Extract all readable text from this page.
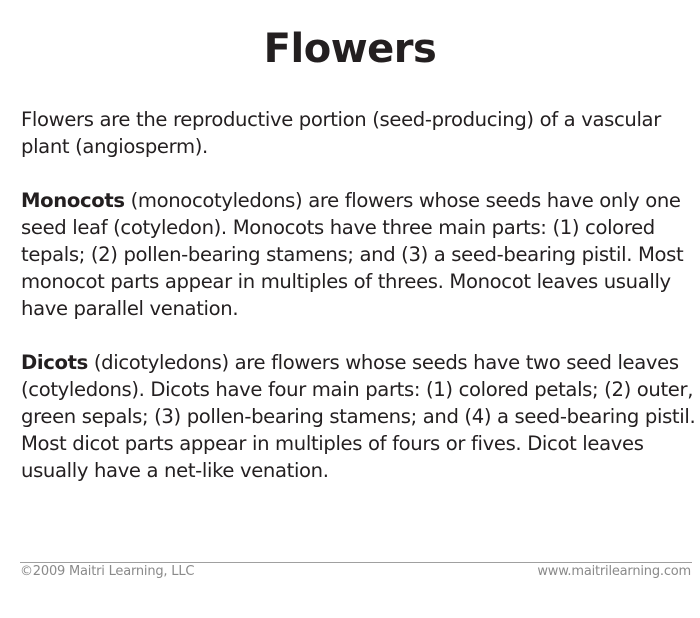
Flowers
Flowers are the reproductive portion (seed-producing) of a vascular plant (angiosperm).
Monocots (monocotyledons) are flowers whose seeds have only one seed leaf (cotyledon). Monocots have three main parts: (1) colored tepals; (2) pollen-bearing stamens; and (3) a seed-bearing pistil. Most monocot parts appear in multiples of threes. Monocot leaves usually have parallel venation.
Dicots (dicotyledons) are flowers whose seeds have two seed leaves (cotyledons). Dicots have four main parts: (1) colored petals; (2) outer, green sepals; (3) pollen-bearing stamens; and (4) a seed-bearing pistil. Most dicot parts appear in multiples of fours or fives. Dicot leaves usually have a net-like venation.
©2009 Maitri Learning, LLC	www.maitrilearning.com
